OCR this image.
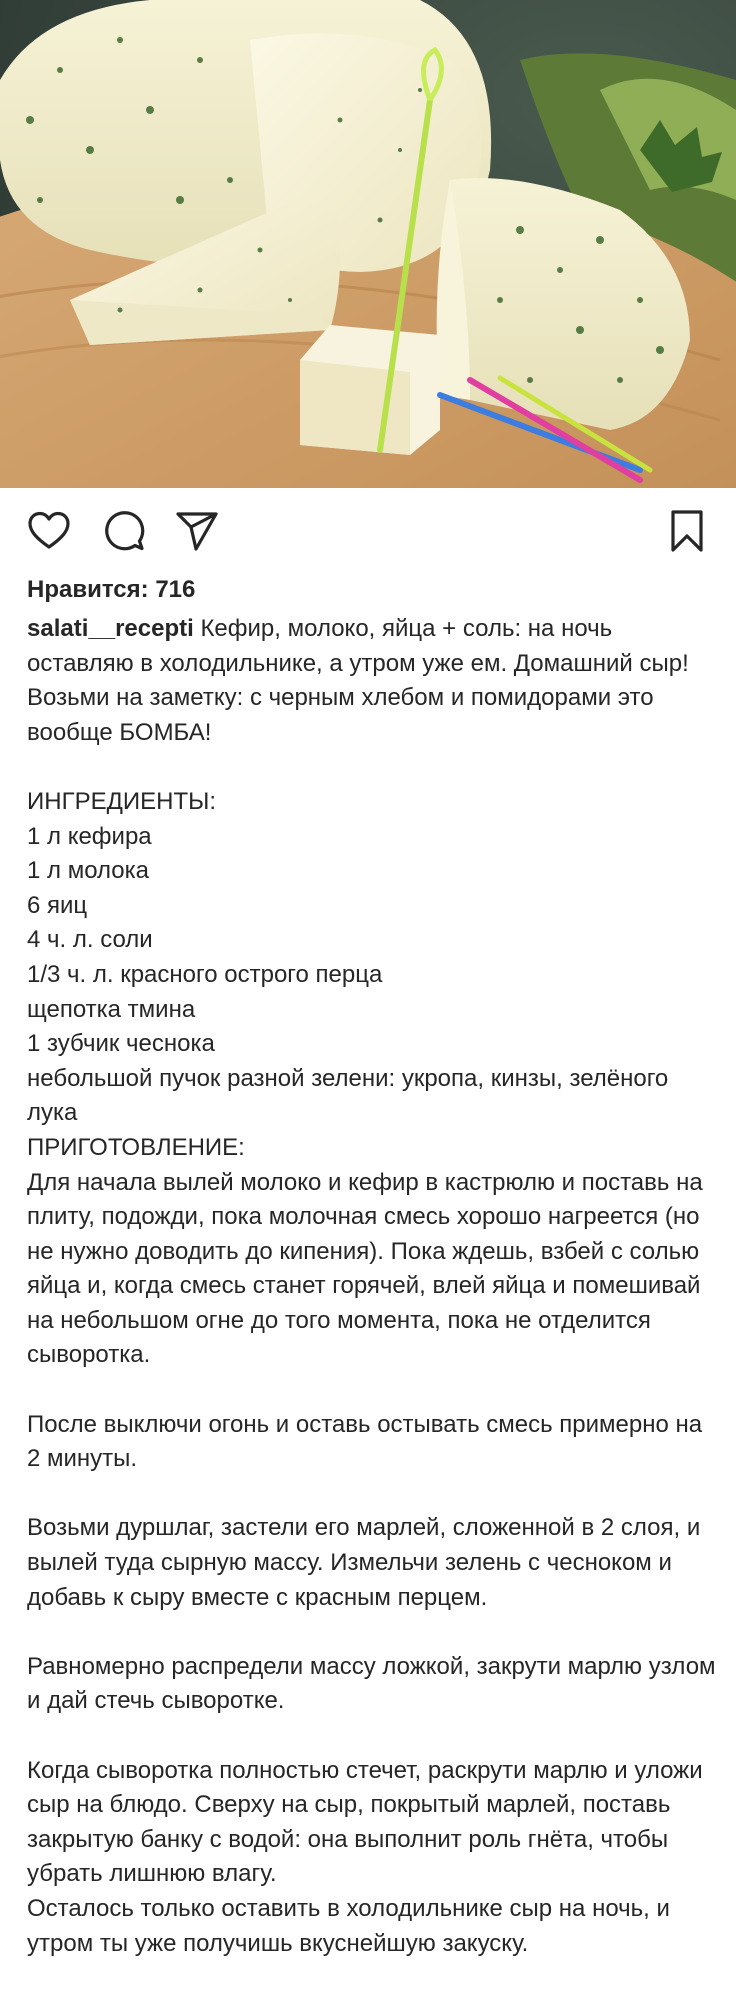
Нравится: 716

salati__recepti Кефир, молоко, яйца + соль: на ночь оставляю в холодильнике, а утром уже ем. Домашний сыр! Возьми на заметку: с черным хлебом и помидорами это вообще БОМБА!

ИНГРЕДИЕНТЫ:

1 л кефира
1 л молока
6 яиц
4 ч. л. соли
1/3 ч. л. красного острого перца
щепотка тмина
1 зубчик чеснока

небольшой пучок разной зелени: укропа, кинзы, зелёного лука

ПРИГОТОВЛЕНИЕ:

Для начала вылей молоко и кефир в кастрюлю и поставь на плиту, подожди, пока молочная смесь хорошо нагреется (но не нужно доводить до кипения). Пока ждешь, взбей с солью яйца и, когда смесь станет горячей, влей яйца и помешивай на небольшом огне до того момента, пока не отделится сыворотка.

После выключи огонь и оставь остывать смесь примерно на 2 минуты.

Возьми дуршлаг, застели его марлей, сложенной в 2 слоя, и вылей туда сырную массу. Измельчи зелень с чесноком и добавь к сыру вместе с красным перцем.

Равномерно распредели массу ложкой, закрути марлю узлом и дай стечь сыворотке.

Когда сыворотка полностью стечет, раскрути марлю и уложи сыр на блюдо. Сверху на сыр, покрытый марлей, поставь закрытую банку с водой: она выполнит роль гнёта, чтобы убрать лишнюю влагу.

Осталось только оставить в холодильнике сыр на ночь, и утром ты уже получишь вкуснейшую закуску.
